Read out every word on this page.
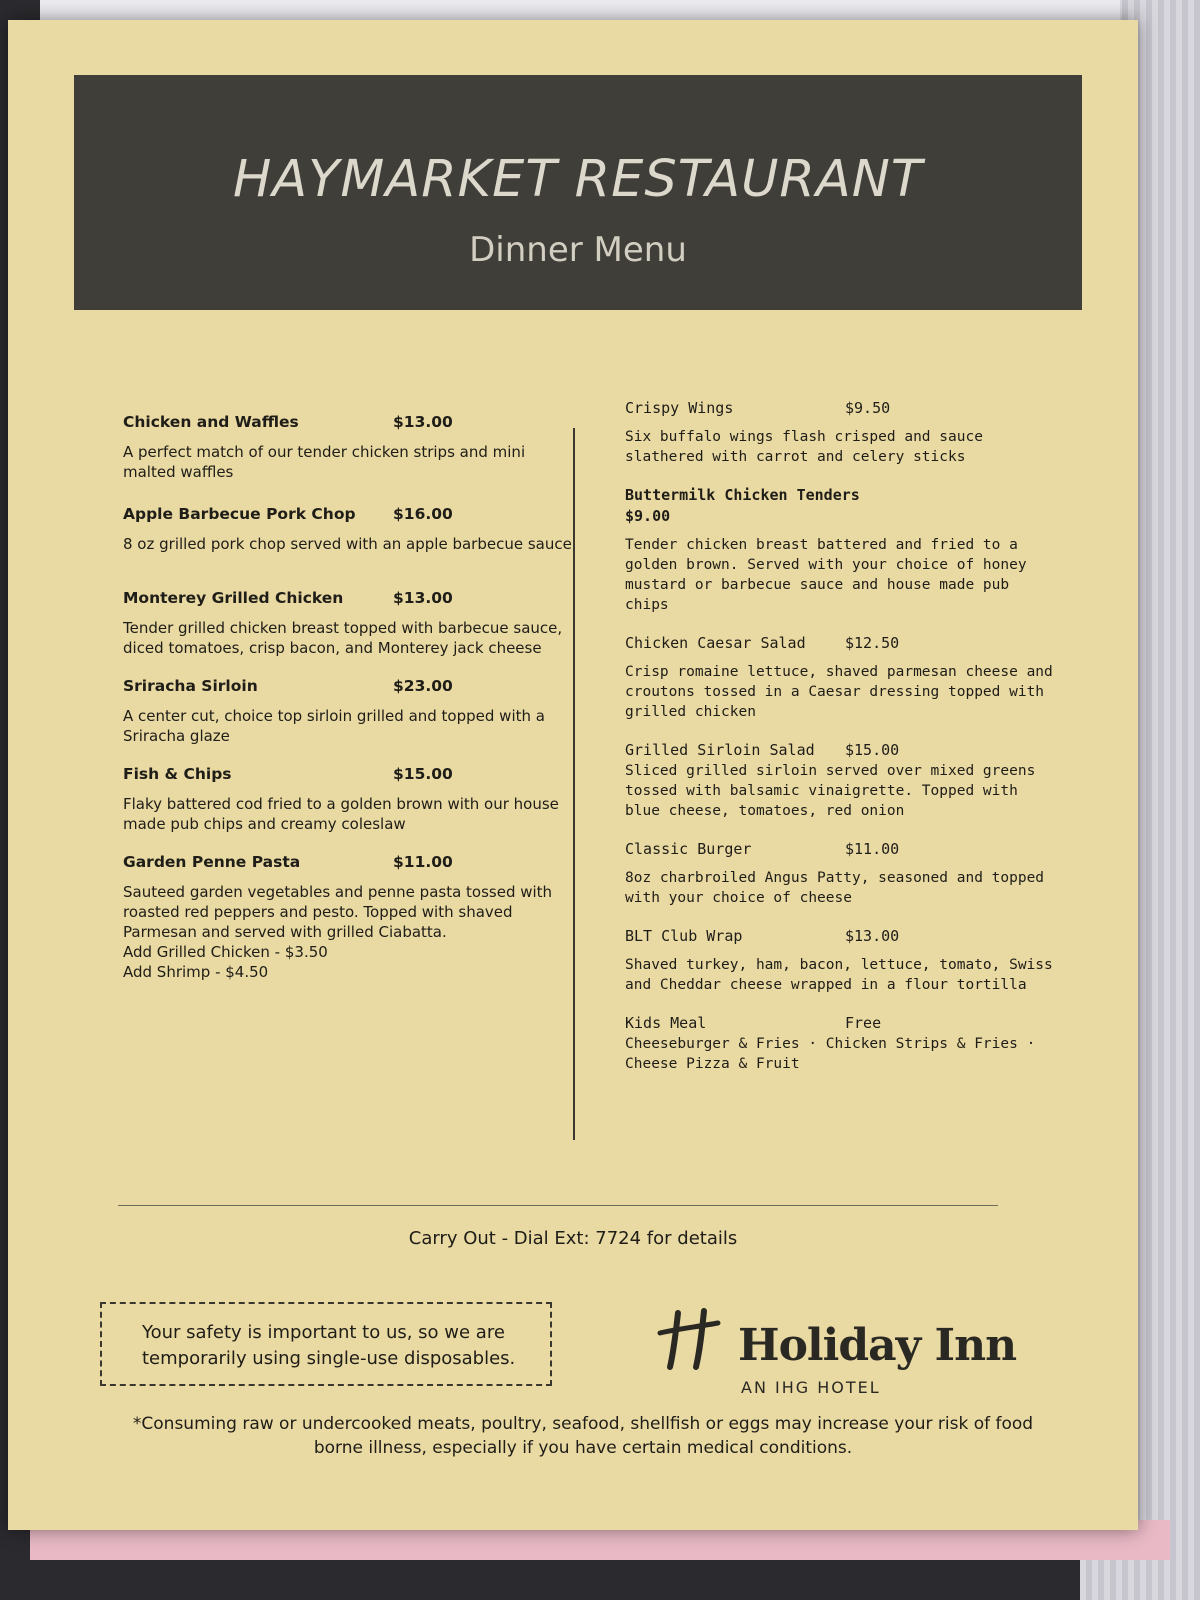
HAYMARKET RESTAURANT
Dinner Menu
Chicken and Waffles	$13.00
A perfect match of our tender chicken strips and mini malted waffles
Apple Barbecue Pork Chop	$16.00
8 oz grilled pork chop served with an apple barbecue sauce
Monterey Grilled Chicken	$13.00
Tender grilled chicken breast topped with barbecue sauce, diced tomatoes, crisp bacon, and Monterey jack cheese
Sriracha Sirloin	$23.00
A center cut, choice top sirloin grilled and topped with a Sriracha glaze
Fish & Chips	$15.00
Flaky battered cod fried to a golden brown with our house made pub chips and creamy coleslaw
Garden Penne Pasta	$11.00
Sauteed garden vegetables and penne pasta tossed with roasted red peppers and pesto. Topped with shaved Parmesan and served with grilled Ciabatta.
Add Grilled Chicken - $3.50
Add Shrimp - $4.50
Crispy Wings	$9.50
Six buffalo wings flash crisped and sauce slathered with carrot and celery sticks
Buttermilk Chicken Tenders
$9.00
Tender chicken breast battered and fried to a golden brown. Served with your choice of honey mustard or barbecue sauce and house made pub chips
Chicken Caesar Salad	$12.50
Crisp romaine lettuce, shaved parmesan cheese and croutons tossed in a Caesar dressing topped with grilled chicken
Grilled Sirloin Salad	$15.00
Sliced grilled sirloin served over mixed greens tossed with balsamic vinaigrette. Topped with blue cheese, tomatoes, red onion
Classic Burger	$11.00
8oz charbroiled Angus Patty, seasoned and topped with your choice of cheese
BLT Club Wrap	$13.00
Shaved turkey, ham, bacon, lettuce, tomato, Swiss and Cheddar cheese wrapped in a flour tortilla
Kids Meal	Free
Cheeseburger & Fries · Chicken Strips & Fries · Cheese Pizza & Fruit
Carry Out - Dial Ext: 7724 for details
Your safety is important to us, so we are
temporarily using single-use disposables.	Holiday Inn
AN IHG HOTEL
*Consuming raw or undercooked meats, poultry, seafood, shellfish or eggs may increase your risk of food borne illness, especially if you have certain medical conditions.
